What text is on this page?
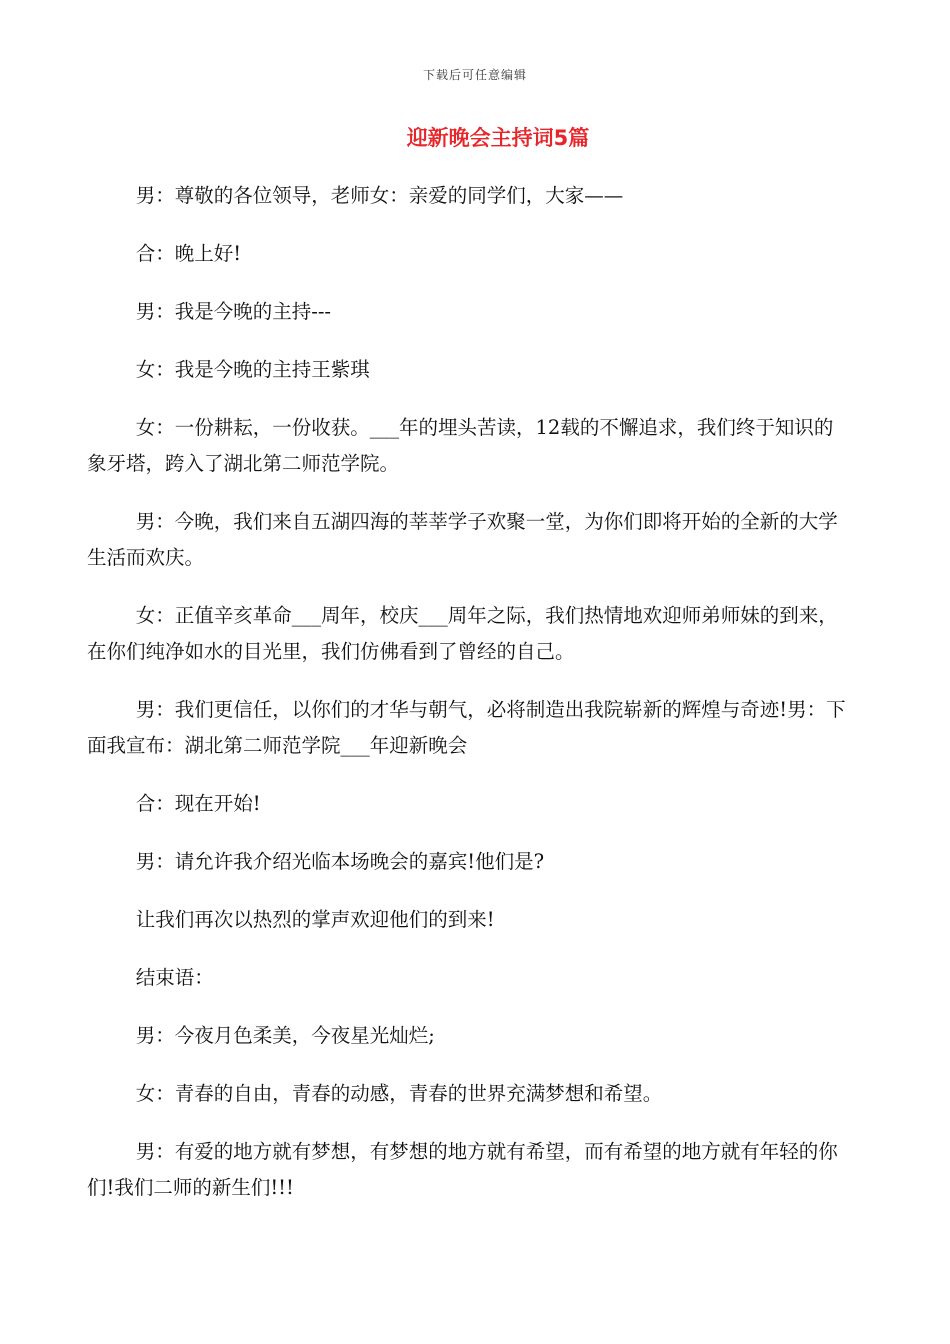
下载后可任意编辑
迎新晚会主持词5篇

男：尊敬的各位领导，老师女：亲爱的同学们，大家——

合：晚上好!

男：我是今晚的主持---

女：我是今晚的主持王紫琪

女：一份耕耘，一份收获。___年的埋头苦读，12载的不懈追求，我们终于知识的象牙塔，跨入了湖北第二师范学院。

男：今晚，我们来自五湖四海的莘莘学子欢聚一堂，为你们即将开始的全新的大学生活而欢庆。

女：正值辛亥革命___周年，校庆___周年之际，我们热情地欢迎师弟师妹的到来，在你们纯净如水的目光里，我们仿佛看到了曾经的自己。

男：我们更信任，以你们的才华与朝气，必将制造出我院崭新的辉煌与奇迹!男：下面我宣布：湖北第二师范学院___年迎新晚会

合：现在开始!

男：请允许我介绍光临本场晚会的嘉宾!他们是?

让我们再次以热烈的掌声欢迎他们的到来!

结束语：

男：今夜月色柔美，今夜星光灿烂;

女：青春的自由，青春的动感，青春的世界充满梦想和希望。

男：有爱的地方就有梦想，有梦想的地方就有希望，而有希望的地方就有年轻的你们!我们二师的新生们!!!
